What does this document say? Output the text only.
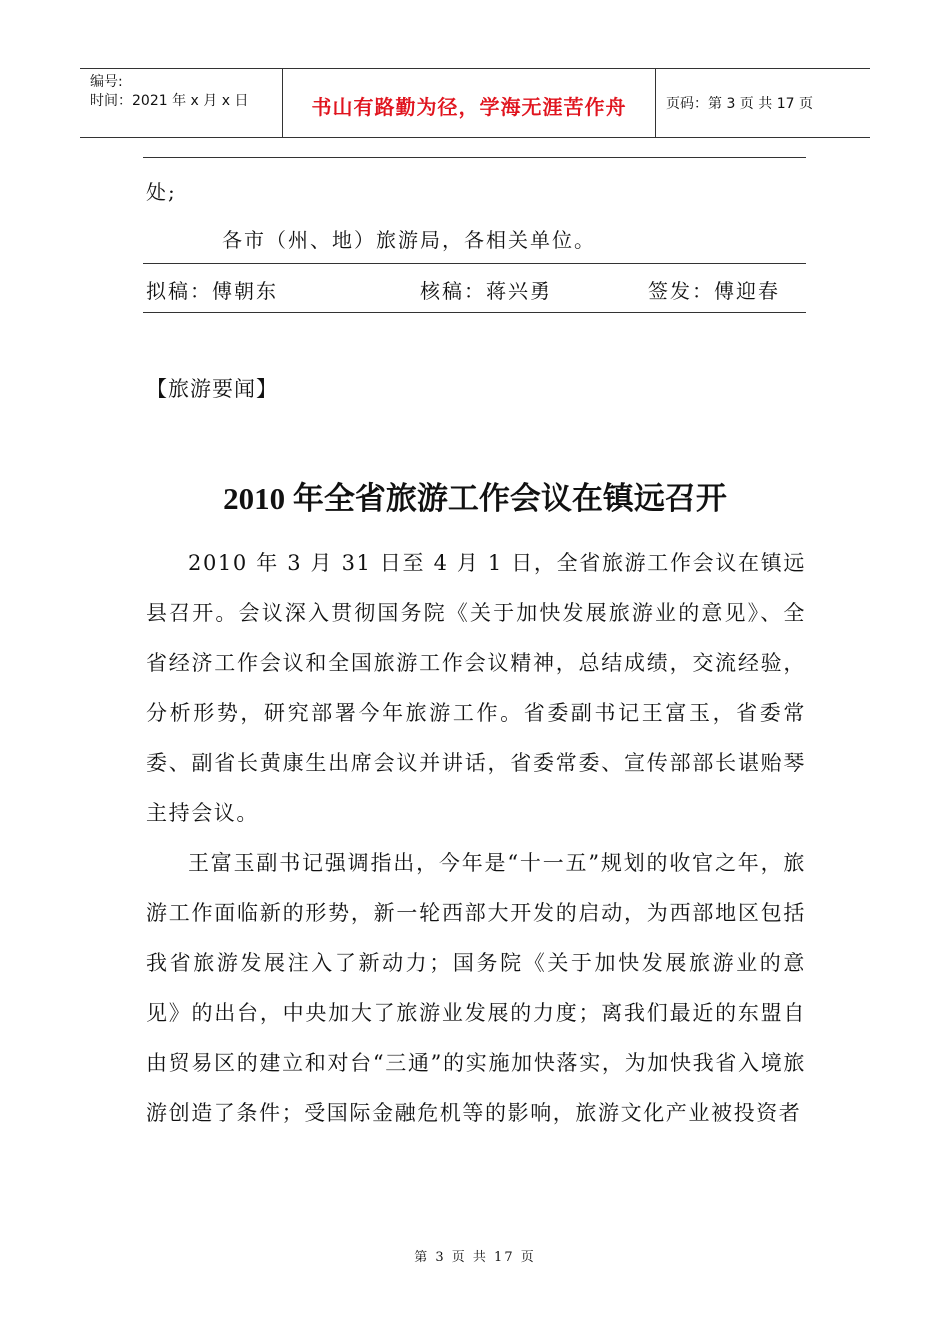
编号:
时间：2021 年 x 月 x 日	书山有路勤为径，学海无涯苦作舟	页码：第 3 页 共 17 页
处;
各市（州、地）旅游局，各相关单位。
拟稿：傅朝东	核稿：蒋兴勇	签发：傅迎春
【旅游要闻】
2010 年全省旅游工作会议在镇远召开

2010 年 3 月 31 日至 4 月 1 日，全省旅游工作会议在镇远县召开。会议深入贯彻国务院《关于加快发展旅游业的意见》、全省经济工作会议和全国旅游工作会议精神，总结成绩，交流经验，分析形势，研究部署今年旅游工作。省委副书记王富玉，省委常委、副省长黄康生出席会议并讲话，省委常委、宣传部部长谌贻琴主持会议。

王富玉副书记强调指出，今年是“十一五”规划的收官之年，旅游工作面临新的形势，新一轮西部大开发的启动，为西部地区包括我省旅游发展注入了新动力；国务院《关于加快发展旅游业的意见》的出台，中央加大了旅游业发展的力度；离我们最近的东盟自由贸易区的建立和对台“三通”的实施加快落实，为加快我省入境旅游创造了条件；受国际金融危机等的影响，旅游文化产业被投资者

第 3 页 共 17 页
